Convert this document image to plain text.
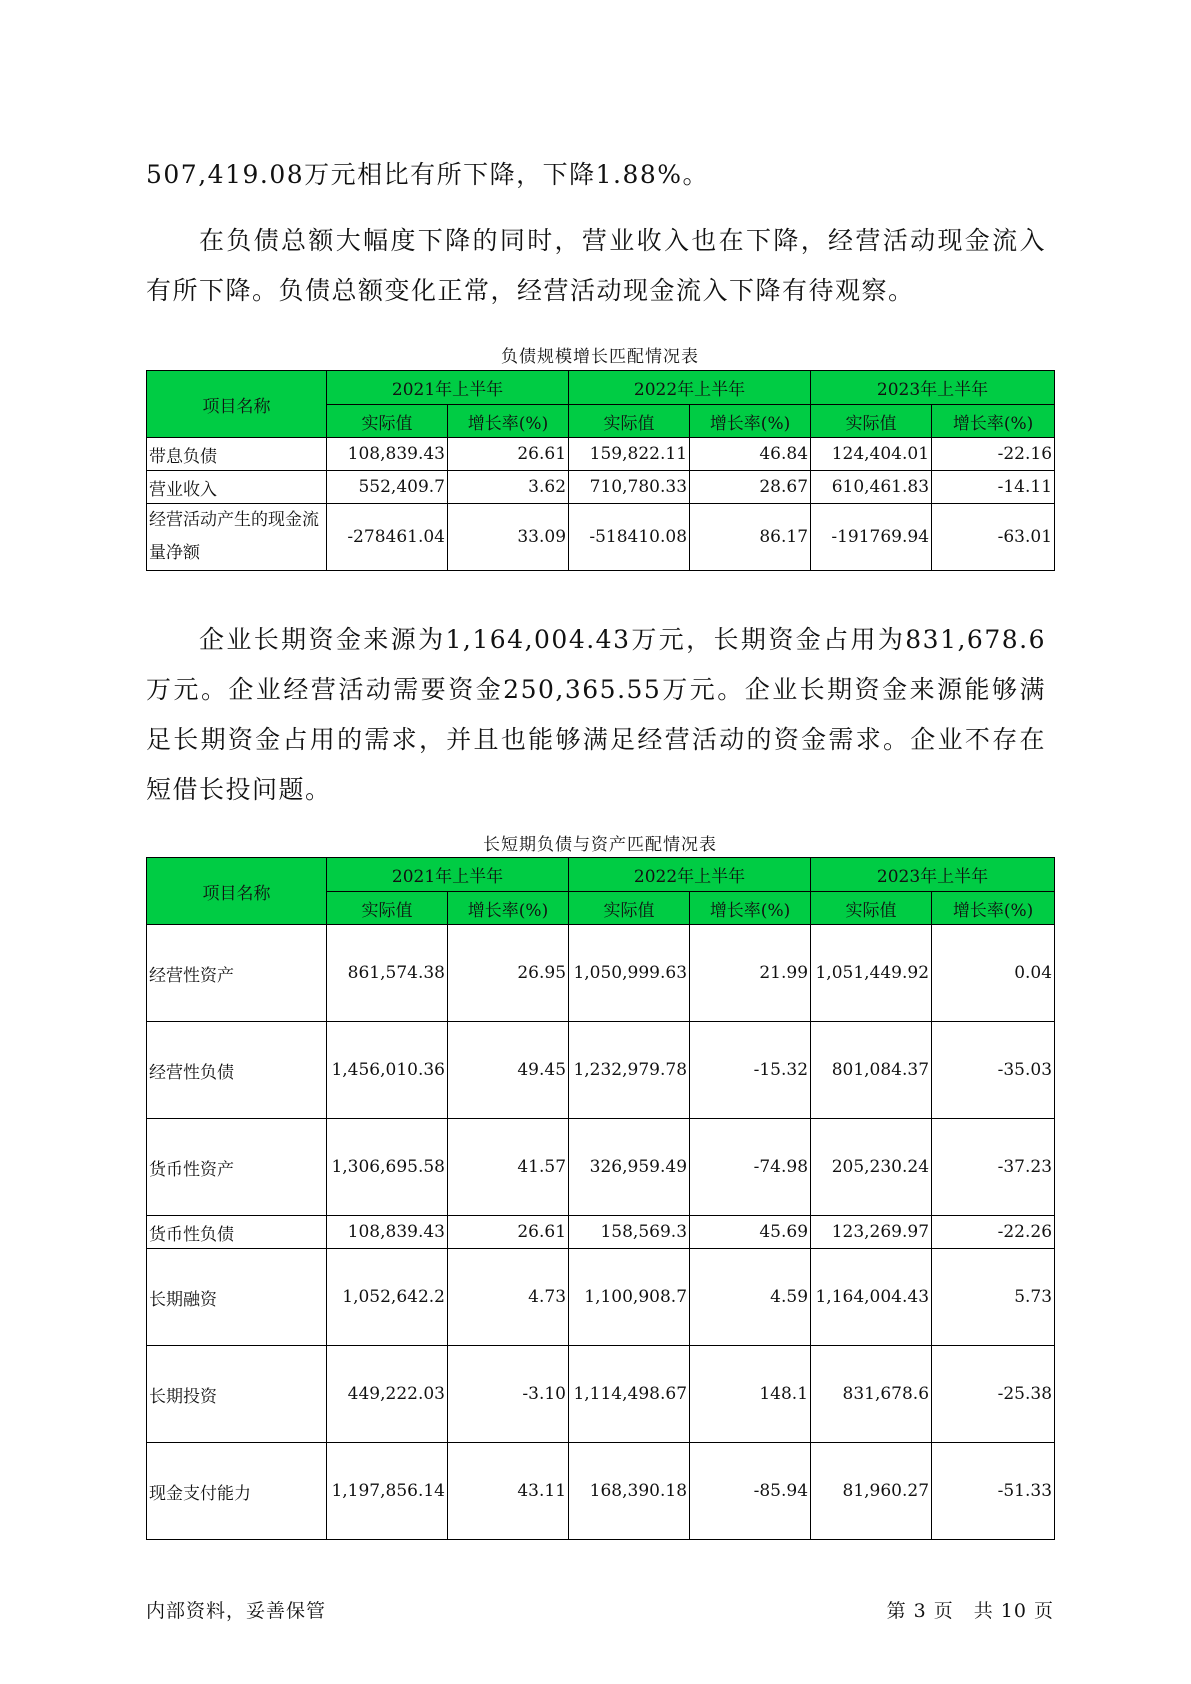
507,419.08万元相比有所下降，下降1.88%。

在负债总额大幅度下降的同时，营业收入也在下降，经营活动现金流入有所下降。负债总额变化正常，经营活动现金流入下降有待观察。

负债规模增长匹配情况表
项目名称	2021年上半年		2022年上半年		2023年上半年	
	实际值	增长率(%)	实际值	增长率(%)	实际值	增长率(%)
带息负债	108,839.43	26.61	159,822.11	46.84	124,404.01	-22.16
营业收入	552,409.7	3.62	710,780.33	28.67	610,461.83	-14.11
经营活动产生的现金流量净额	-278461.04	33.09	-518410.08	86.17	-191769.94	-63.01

企业长期资金来源为1,164,004.43万元，长期资金占用为831,678.6万元。企业经营活动需要资金250,365.55万元。企业长期资金来源能够满足长期资金占用的需求，并且也能够满足经营活动的资金需求。企业不存在短借长投问题。

长短期负债与资产匹配情况表
项目名称	2021年上半年		2022年上半年		2023年上半年	
	实际值	增长率(%)	实际值	增长率(%)	实际值	增长率(%)
经营性资产	861,574.38	26.95	1,050,999.63	21.99	1,051,449.92	0.04
经营性负债	1,456,010.36	49.45	1,232,979.78	-15.32	801,084.37	-35.03
货币性资产	1,306,695.58	41.57	326,959.49	-74.98	205,230.24	-37.23
货币性负债	108,839.43	26.61	158,569.3	45.69	123,269.97	-22.26
长期融资	1,052,642.2	4.73	1,100,908.7	4.59	1,164,004.43	5.73
长期投资	449,222.03	-3.10	1,114,498.67	148.1	831,678.6	-25.38
现金支付能力	1,197,856.14	43.11	168,390.18	-85.94	81,960.27	-51.33
内部资料，妥善保管	第 3 页　共 10 页
